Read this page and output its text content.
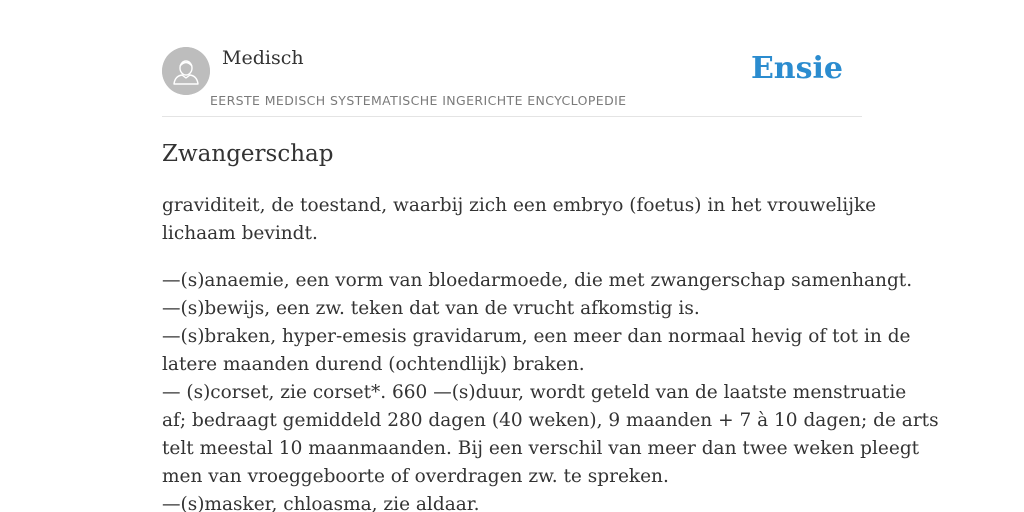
Medisch
EERSTE MEDISCH SYSTEMATISCHE INGERICHTE ENCYCLOPEDIE
Ensie
Zwangerschap

graviditeit, de toestand, waarbij zich een embryo (foetus) in het vrouwelijke
lichaam bevindt.

—(s)anaemie, een vorm van bloedarmoede, die met zwangerschap samenhangt.
—(s)bewijs, een zw. teken dat van de vrucht afkomstig is.
—(s)braken, hyper-emesis gravidarum, een meer dan normaal hevig of tot in de
latere maanden durend (ochtendlijk) braken.
— (s)corset, zie corset*. 660 —(s)duur, wordt geteld van de laatste menstruatie
af; bedraagt gemiddeld 280 dagen (40 weken), 9 maanden + 7 à 10 dagen; de arts
telt meestal 10 maanmaanden. Bij een verschil van meer dan twee weken pleegt
men van vroeggeboorte of overdragen zw. te spreken.
—(s)masker, chloasma, zie aldaar.
